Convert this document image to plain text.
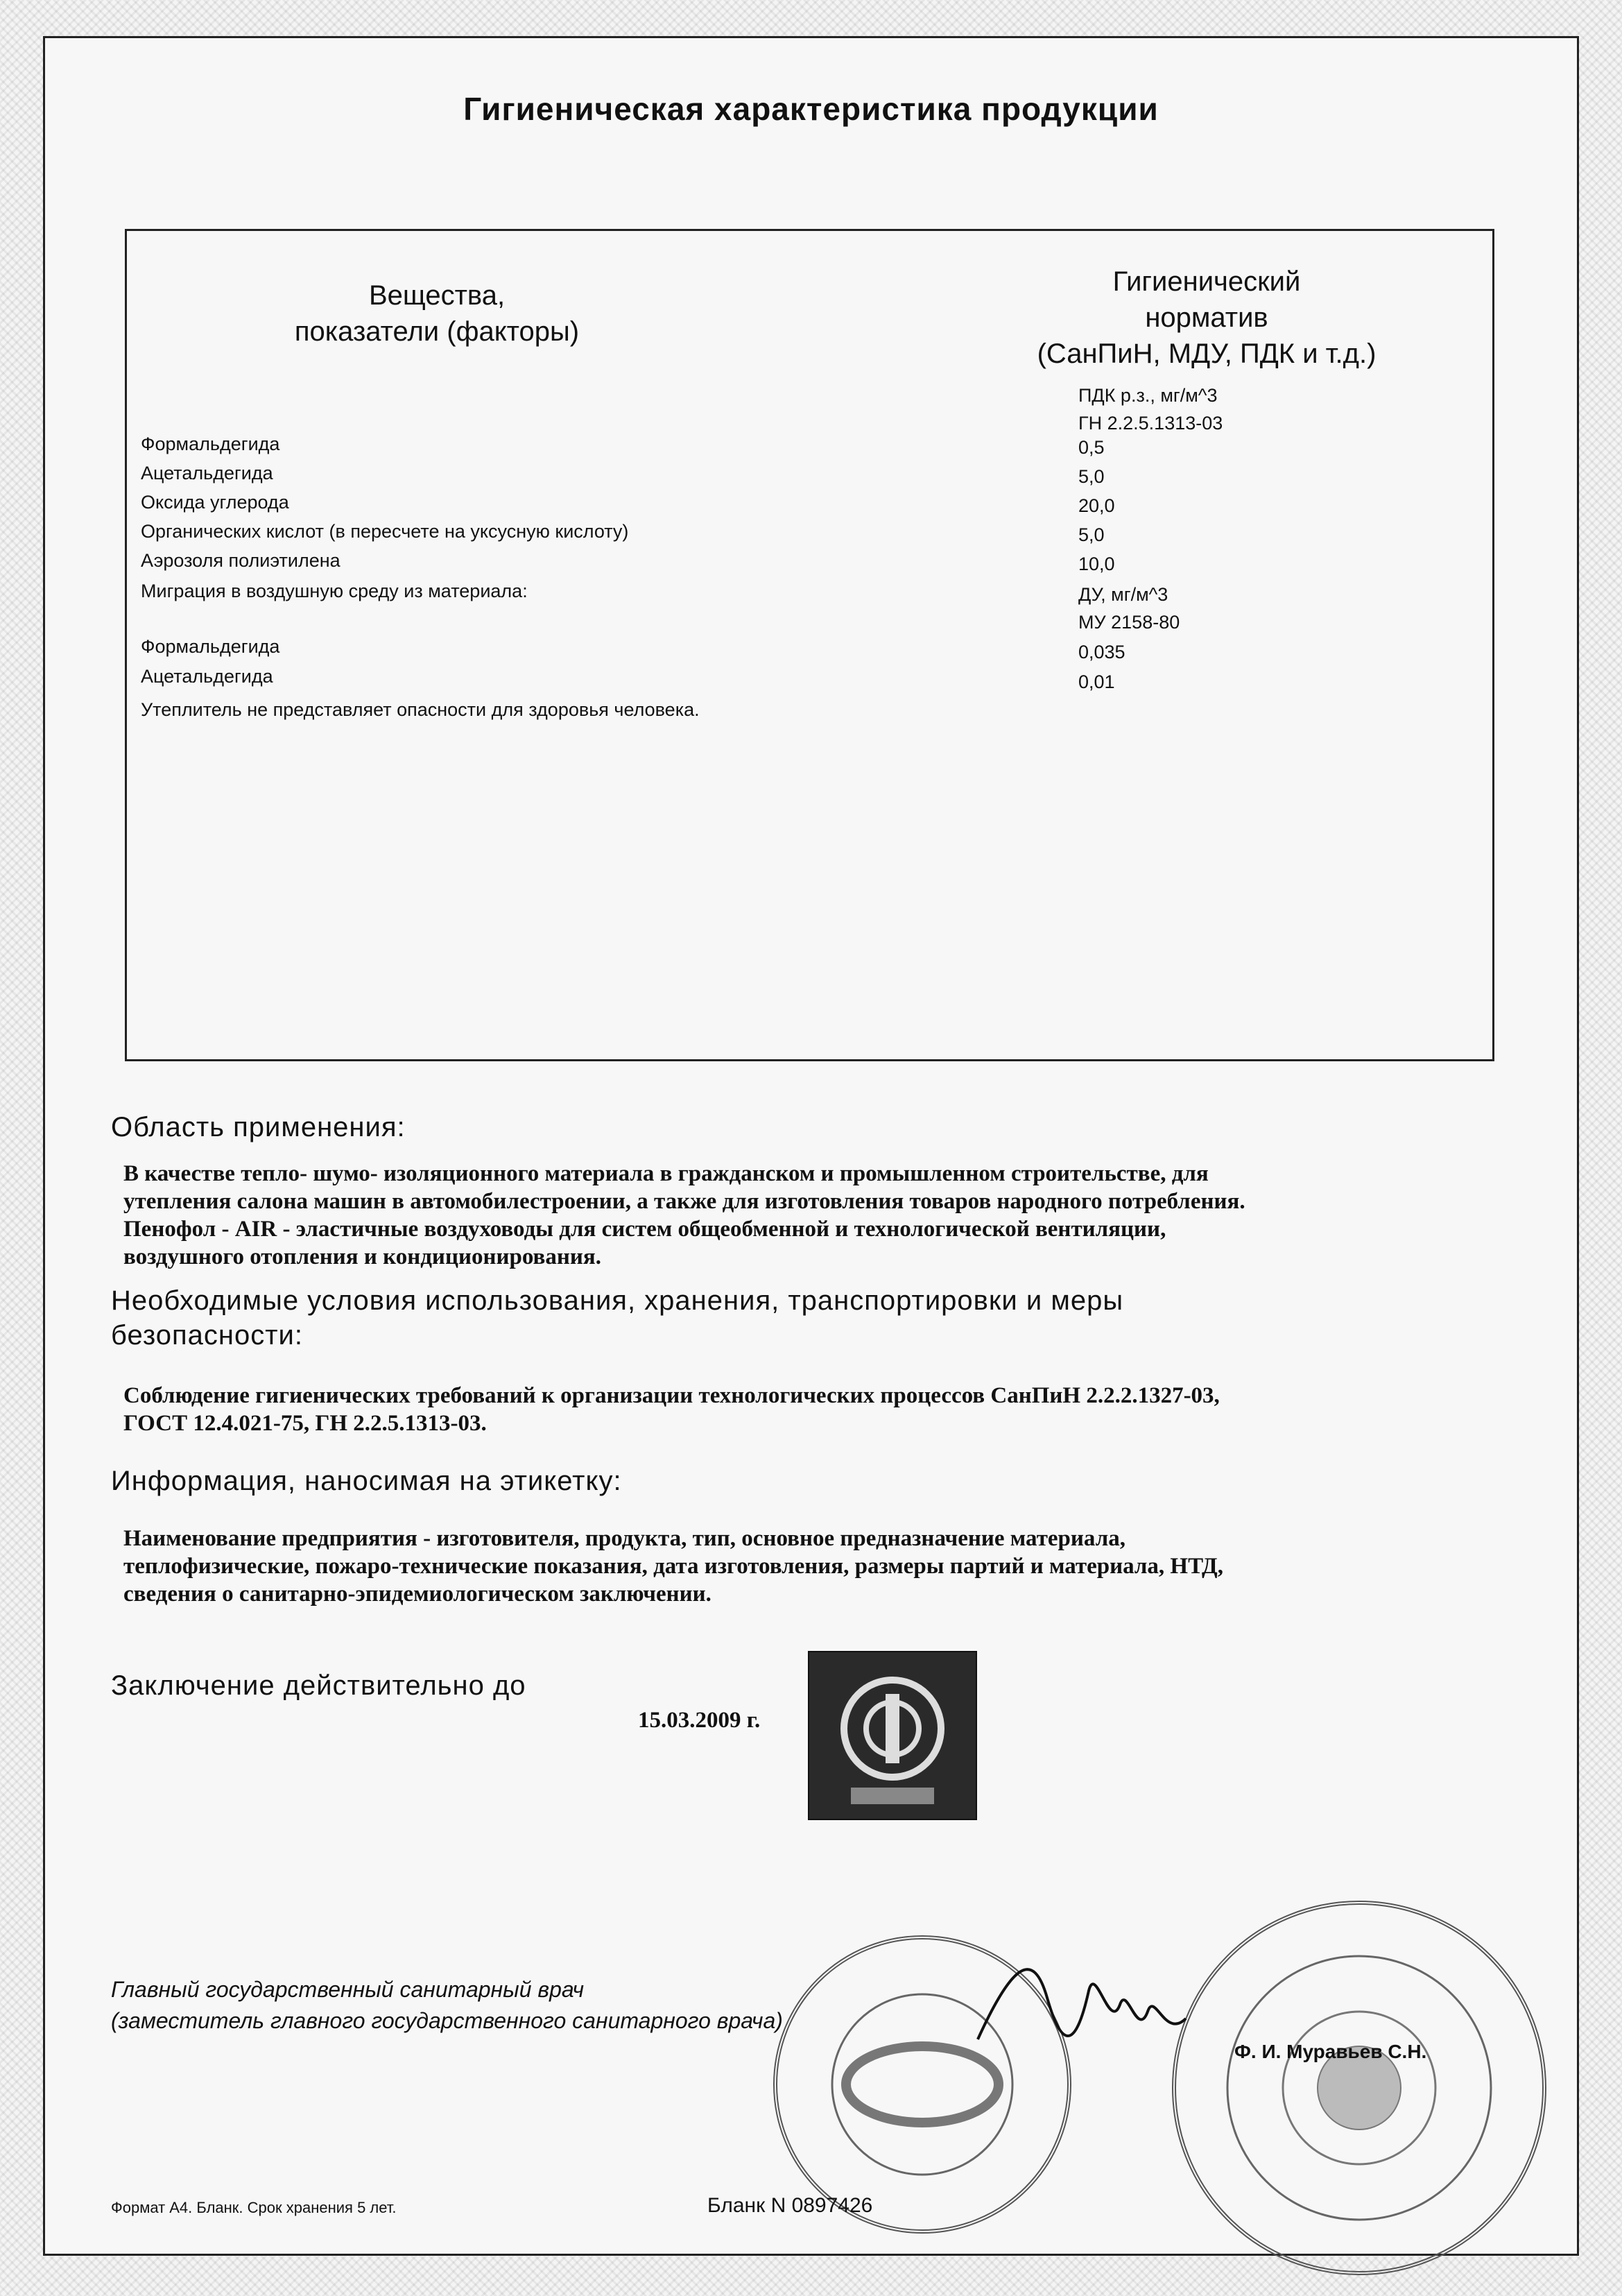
Гигиеническая характеристика продукции
Вещества,
показатели (факторы)
Гигиенический
норматив
(СанПиН, МДУ, ПДК и т.д.)
ПДК р.з., мг/м^3
ГН 2.2.5.1313-03
Формальдегида	0,5
Ацетальдегида	5,0
Оксида углерода	20,0
Органических кислот (в пересчете на уксусную кислоту)	5,0
Аэрозоля полиэтилена	10,0
Миграция в воздушную среду из материала:	ДУ, мг/м^3
МУ 2158-80
Формальдегида	0,035
Ацетальдегида	0,01
Утеплитель не представляет опасности для здоровья человека.
Область применения:
В качестве тепло- шумо- изоляционного материала в гражданском и промышленном строительстве, для
утепления салона машин в автомобилестроении, а также для изготовления товаров народного потребления.
Пенофол - AIR - эластичные воздуховоды для систем общеобменной и технологической вентиляции,
воздушного отопления и кондиционирования.
Необходимые условия использования, хранения, транспортировки и меры
безопасности:
Соблюдение гигиенических требований к организации технологических процессов СанПиН 2.2.2.1327-03,
ГОСТ 12.4.021-75, ГН 2.2.5.1313-03.
Информация, наносимая на этикетку:
Наименование предприятия - изготовителя, продукта, тип, основное предназначение материала,
теплофизические, пожаро-технические показания, дата изготовления, размеры партий и материала, НТД,
сведения о санитарно-эпидемиологическом заключении.
Заключение действительно до
15.03.2009 г.
Главный государственный санитарный врач
(заместитель главного государственного санитарного врача)
Ф. И. Муравьев С.Н.
Формат А4. Бланк. Срок хранения 5 лет.	Бланк N 0897426
